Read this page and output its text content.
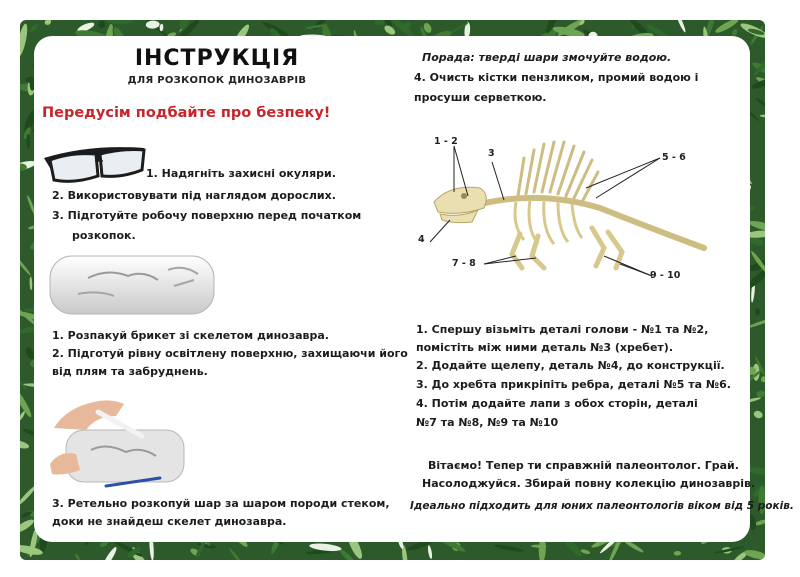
ІНСТРУКЦІЯ
ДЛЯ РОЗКОПОК ДИНОЗАВРІВ
Передусім подбайте про безпеку!
1. Надягніть захисні окуляри.
2. Використовувати під наглядом дорослих.
3. Підготуйте робочу поверхню перед початком
розкопок.
1. Розпакуй брикет зі скелетом динозавра.
2. Підготуй рівну освітлену поверхню, захищаючи його
від плям та забруднень.
3. Ретельно розкопуй шар за шаром породи стеком,
доки не знайдеш скелет динозавра.
Порада: тверді шари змочуйте водою.
4. Очисть кістки пензликом, промий водою і
просуши серветкою.
1 - 2
3	5 - 6
4
7 - 8
9 - 10
1. Спершу візьміть деталі голови - №1 та №2,
помістіть між ними деталь №3 (хребет).
2. Додайте щелепу, деталь №4, до конструкції.
3. До хребта прикріпіть ребра, деталі №5 та №6.
4. Потім додайте лапи з обох сторін, деталі
№7 та №8, №9 та №10
Вітаємо! Тепер ти справжній палеонтолог. Грай.
Насолоджуйся. Збирай повну колекцію динозаврів.
Ідеально підходить для юних палеонтологів віком від 5 років.
